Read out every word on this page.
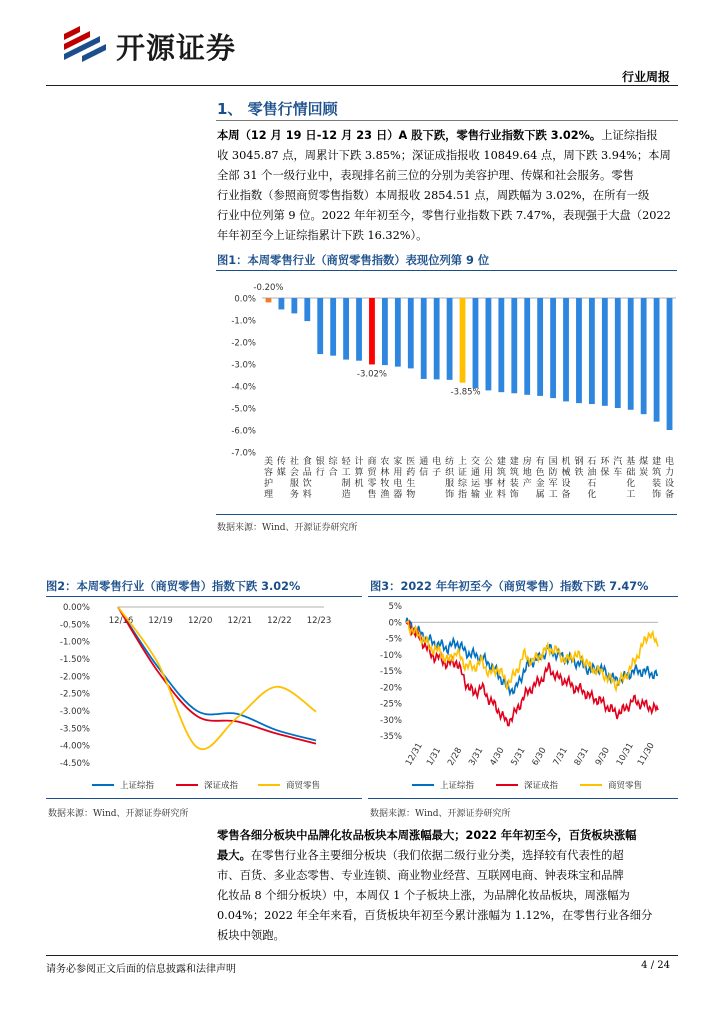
开源证券
行业周报
1、 零售行情回顾
本周（12 月 19 日-12 月 23 日）A 股下跌，零售行业指数下跌 3.02%。上证综指报
收 3045.87 点，周累计下跌 3.85%；深证成指报收 10849.64 点，周下跌 3.94%；本周
全部 31 个一级行业中，表现排名前三位的分别为美容护理、传媒和社会服务。零售
行业指数（参照商贸零售指数）本周报收 2854.51 点，周跌幅为 3.02%，在所有一级
行业中位列第 9 位。2022 年年初至今，零售行业指数下跌 7.47%，表现强于大盘（2022
年年初至今上证综指累计下跌 16.32%）。
图1：本周零售行业（商贸零售指数）表现位列第 9 位
0.0%
-1.0%
-2.0%
-3.0%
-4.0%
-5.0%
-6.0%
-7.0%
美
容
护
理
传
媒
社
会
服
务
食
品
饮
料
银
行
综
合
轻
工
制
造
计
算
机
商
贸
零
售
农
林
牧
渔
家
用
电
器
医
药
生
物
通
信
电
子
纺
织
服
饰
上
证
综
指
交
通
运
输
公
用
事
业
建
筑
材
料
建
筑
装
饰
房
地
产
有
色
金
属
国
防
军
工
机
械
设
备
钢
铁
石
油
石
化
环
保
汽
车
基
础
化
工
煤
炭
建
筑
装
饰
电
力
设
备
-0.20%
-3.02%
-3.85%
数据来源：Wind、开源证券研究所
图2：本周零售行业（商贸零售）指数下跌 3.02%
0.00%
-0.50%
-1.00%
-1.50%
-2.00%
-2.50%
-3.00%
-3.50%
-4.00%
-4.50%
12/16 12/19 12/20 12/21 12/22 12/23
上证综指	深证成指	商贸零售
数据来源：Wind、开源证券研究所
图3：2022 年年初至今（商贸零售）指数下跌 7.47%
5%
0%
-5%
-10%
-15%
-20%
-25%
-30%
-35%
12/31 1/31 2/28 3/31 4/30 5/31 6/30 7/31 8/31 9/30 10/31 11/30
上证综指	深证成指	商贸零售
数据来源：Wind、开源证券研究所
零售各细分板块中品牌化妆品板块本周涨幅最大；2022 年年初至今，百货板块涨幅
最大。在零售行业各主要细分板块（我们依据二级行业分类，选择较有代表性的超
市、百货、多业态零售、专业连锁、商业物业经营、互联网电商、钟表珠宝和品牌
化妆品 8 个细分板块）中，本周仅 1 个子板块上涨，为品牌化妆品板块，周涨幅为
0.04%；2022 年全年来看，百货板块年初至今累计涨幅为 1.12%，在零售行业各细分
板块中领跑。
请务必参阅正文后面的信息披露和法律声明	4 / 24
